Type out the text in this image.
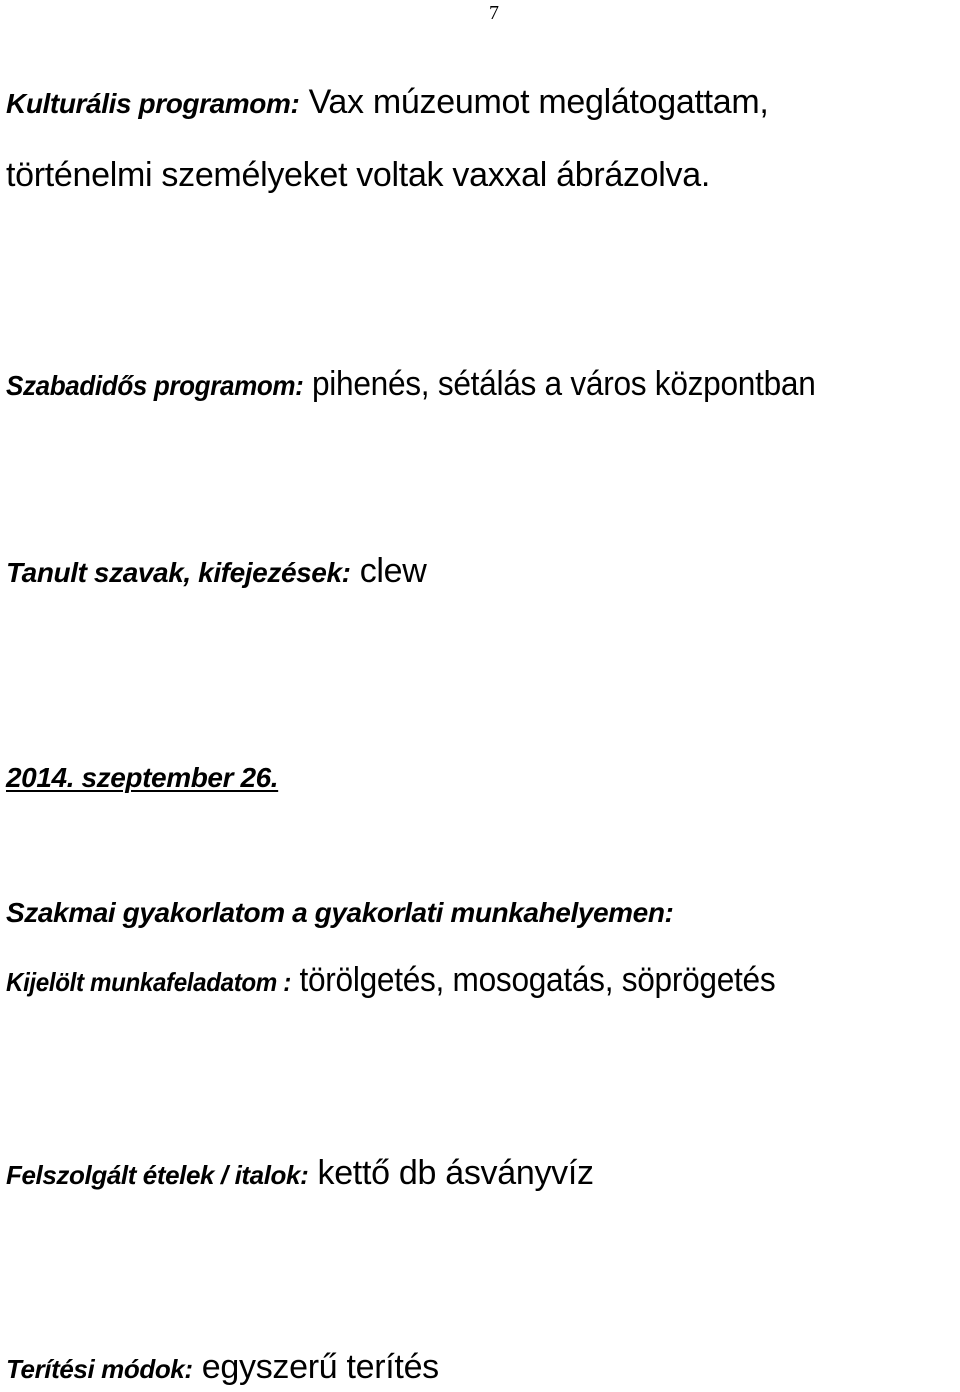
7
Kulturális programom: Vax múzeumot meglátogattam,
történelmi személyeket voltak vaxxal ábrázolva.
Szabadidős programom: pihenés, sétálás a város központban
Tanult szavak, kifejezések: clew
2014. szeptember 26.
Szakmai gyakorlatom a gyakorlati munkahelyemen:
Kijelölt munkafeladatom : törölgetés, mosogatás, söprögetés
Felszolgált ételek / italok: kettő db ásványvíz
Terítési módok: egyszerű terítés
